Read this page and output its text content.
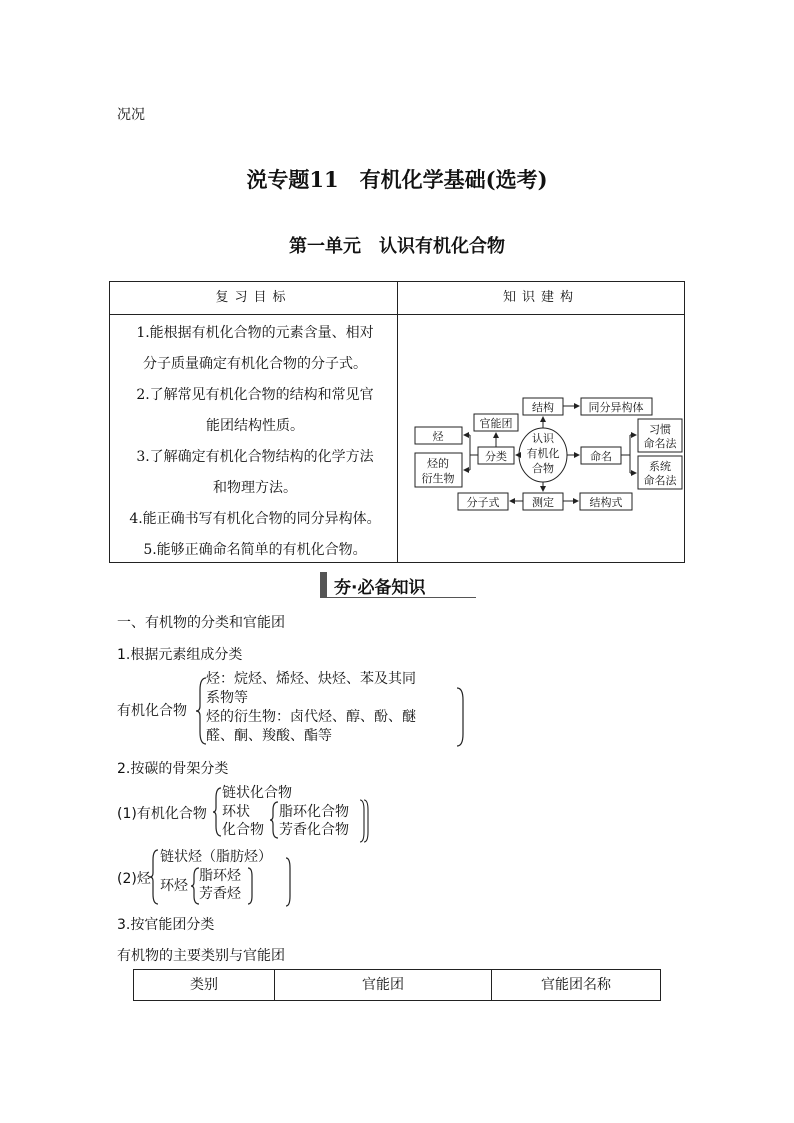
况况
涚专题11　有机化学基础(选考)
第一单元　认识有机化合物
复习目标	知识建构
1.能根据有机化合物的元素含量、相对
分子质量确定有机化合物的分子式。
2.了解常见有机化合物的结构和常见官
能团结构性质。
3.了解确定有机化合物结构的化学方法
和物理方法。
4.能正确书写有机化合物的同分异构体。
5.能够正确命名简单的有机化合物。
认识
有机化
合物
结构	同分异构体
官能团
烃
烃的
衍生物
分类	命名
习惯
命名法
系统
命名法
测定
分子式	结构式
夯·必备知识
一、有机物的分类和官能团
1.根据元素组成分类
有机化合物
烃：烷烃、烯烃、炔烃、苯及其同
系物等
烃的衍生物：卤代烃、醇、酚、醚
醛、酮、羧酸、酯等
2.按碳的骨架分类
(1)有机化合物
链状化合物
环状
化合物
脂环化合物
芳香化合物
(2)烃
链状烃（脂肪烃）
环烃
脂环烃
芳香烃
3.按官能团分类
有机物的主要类别与官能团
类别	官能团	官能团名称
